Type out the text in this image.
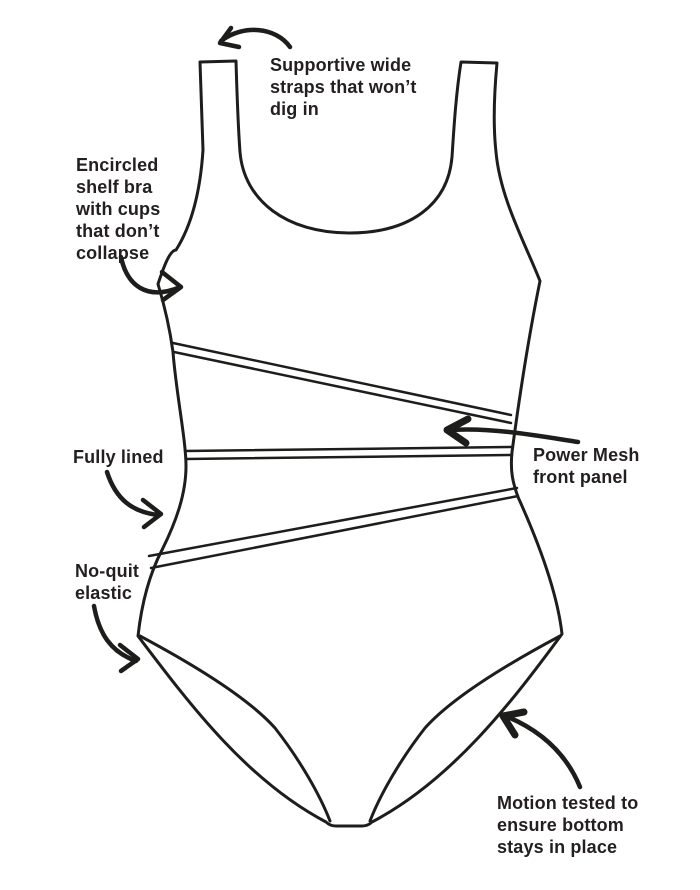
Supportive wide
straps that won’t
dig in
Encircled
shelf bra
with cups
that don’t
collapse
Fully lined
No-quit
elastic
Power Mesh
front panel
Motion tested to
ensure bottom
stays in place
